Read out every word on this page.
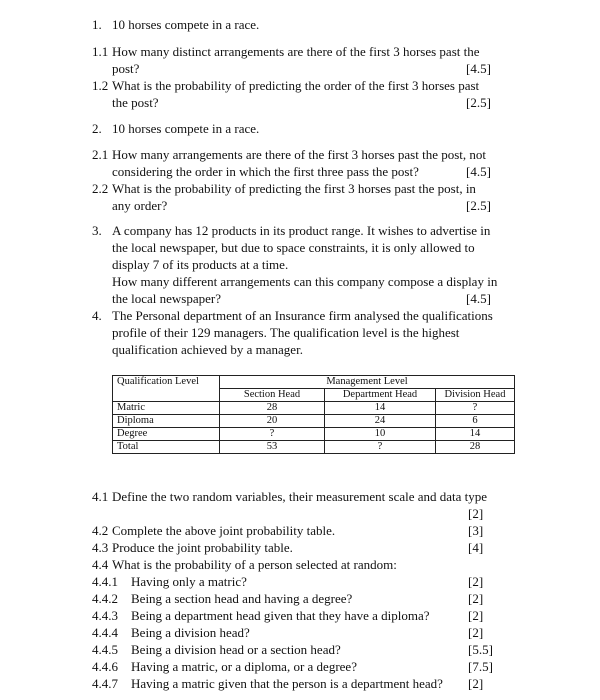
1. 10 horses compete in a race.
1.1 How many distinct arrangements are there of the first 3 horses past the
post?	[4.5]
1.2 What is the probability of predicting the order of the first 3 horses past
the post?	[2.5]
2. 10 horses compete in a race.
2.1 How many arrangements are there of the first 3 horses past the post, not
considering the order in which the first three pass the post?	[4.5]
2.2 What is the probability of predicting the first 3 horses past the post, in
any order?	[2.5]
3. A company has 12 products in its product range. It wishes to advertise in
the local newspaper, but due to space constraints, it is only allowed to
display 7 of its products at a time.
How many different arrangements can this company compose a display in
the local newspaper?	[4.5]
4. The Personal department of an Insurance firm analysed the qualifications
profile of their 129 managers. The qualification level is the highest
qualification achieved by a manager.
Qualification Level	Management Level		
	Section Head	Department Head	Division Head
Matric	28	14	?
Diploma	20	24	6
Degree	?	10	14
Total	53	?	28
4.1 Define the two random variables, their measurement scale and data type
[2]
4.2 Complete the above joint probability table.	[3]
4.3 Produce the joint probability table.	[4]
4.4 What is the probability of a person selected at random:
4.4.1 Having only a matric?	[2]
4.4.2 Being a section head and having a degree?	[2]
4.4.3 Being a department head given that they have a diploma?	[2]
4.4.4 Being a division head?	[2]
4.4.5 Being a division head or a section head?	[5.5]
4.4.6 Having a matric, or a diploma, or a degree?	[7.5]
4.4.7 Having a matric given that the person is a department head? [2]
